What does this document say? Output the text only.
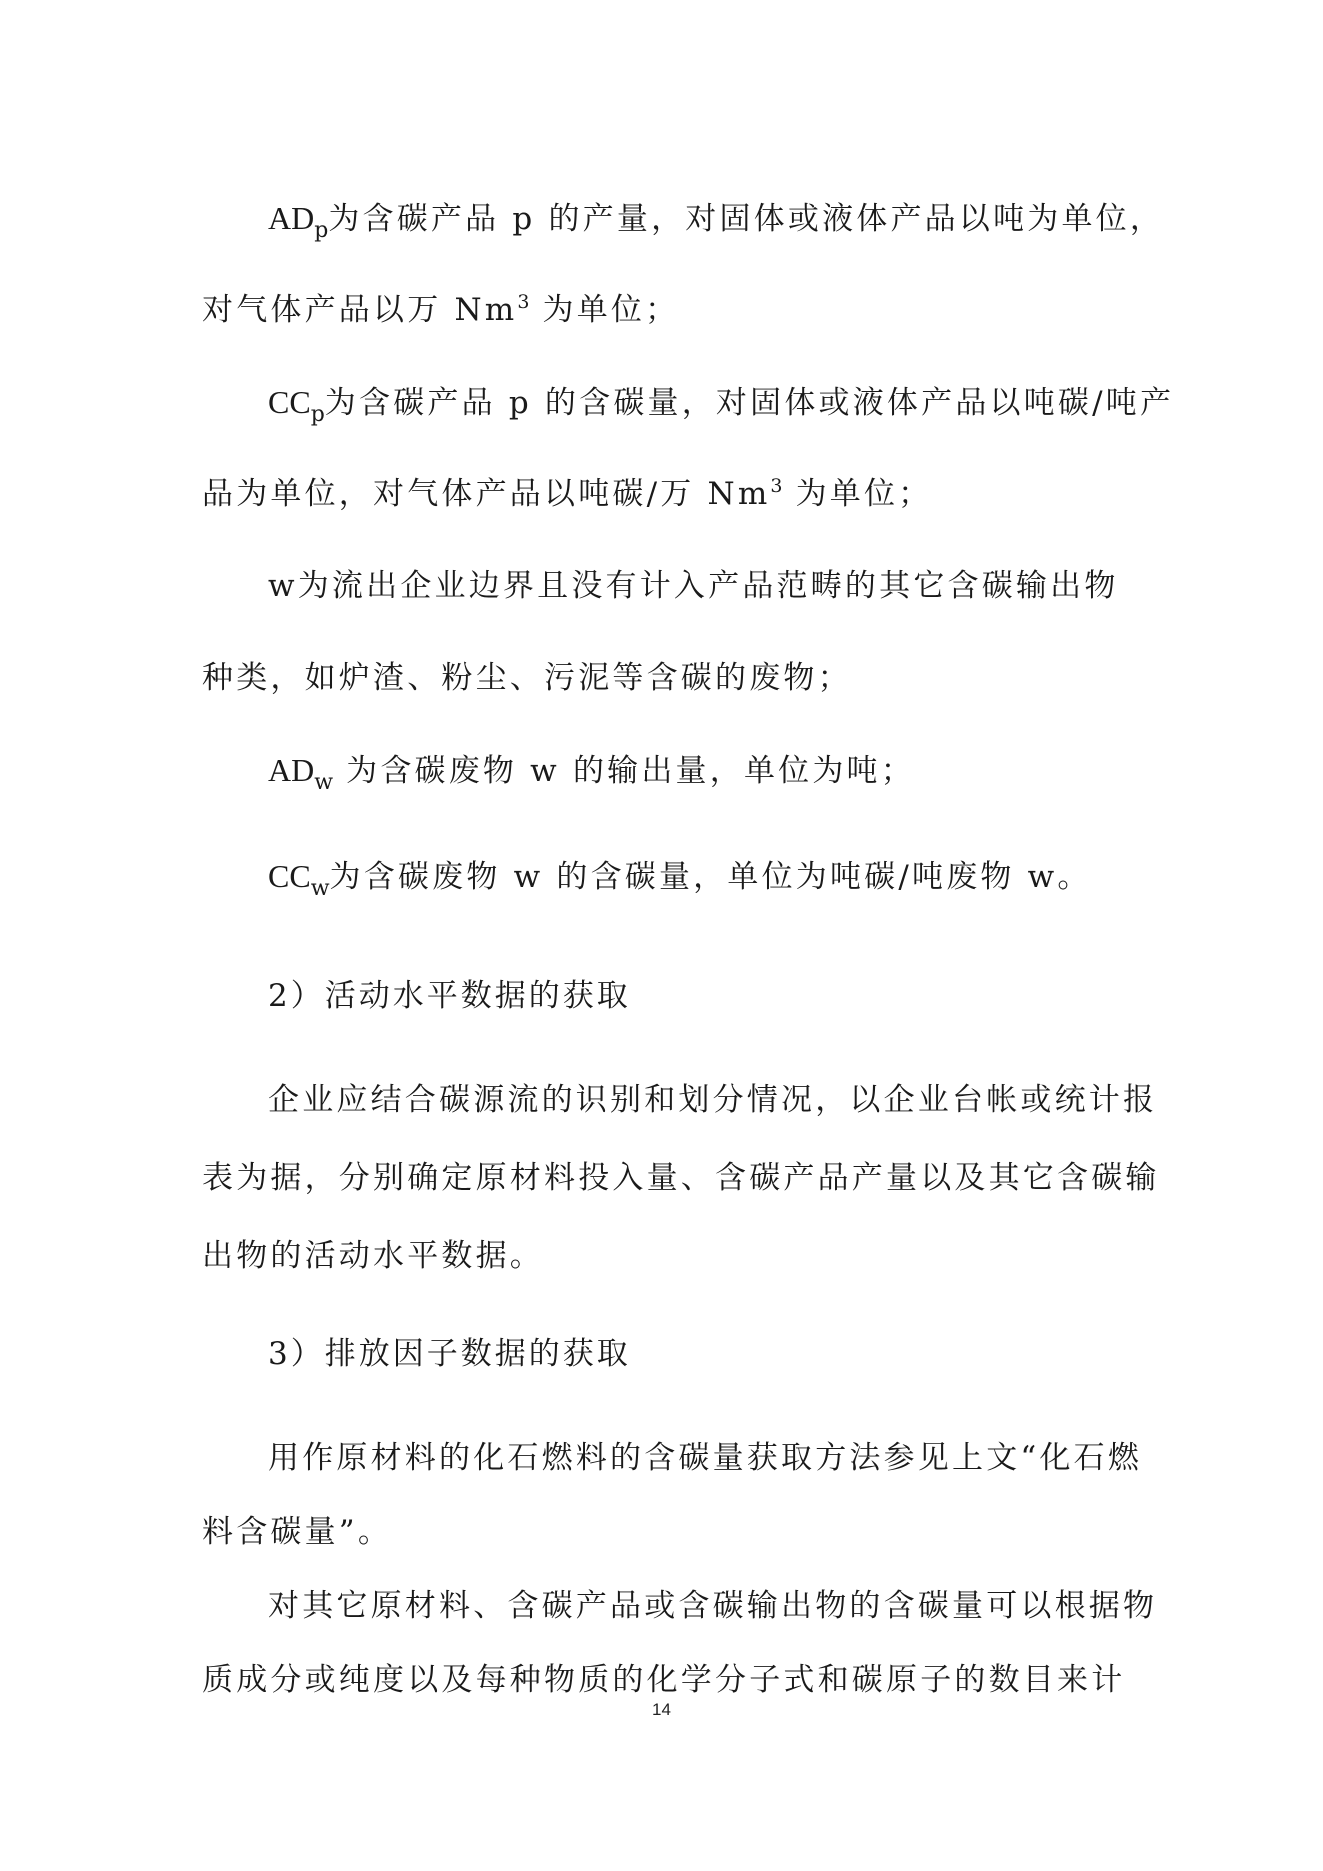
$AD_p$为含碳产品 p 的产量，对固体或液体产品以吨为单位，
对气体产品以万 Nm$^3$ 为单位；
$CC_p$为含碳产品 p 的含碳量，对固体或液体产品以吨碳/吨产
品为单位，对气体产品以吨碳/万 Nm$^3$ 为单位；
w为流出企业边界且没有计入产品范畴的其它含碳输出物
种类，如炉渣、粉尘、污泥等含碳的废物；
$AD_w$ 为含碳废物 w 的输出量，单位为吨；
$CC_w$为含碳废物 w 的含碳量，单位为吨碳/吨废物 w。
2）活动水平数据的获取
企业应结合碳源流的识别和划分情况，以企业台帐或统计报
表为据，分别确定原材料投入量、含碳产品产量以及其它含碳输
出物的活动水平数据。
3）排放因子数据的获取
用作原材料的化石燃料的含碳量获取方法参见上文“化石燃
料含碳量”。
对其它原材料、含碳产品或含碳输出物的含碳量可以根据物
质成分或纯度以及每种物质的化学分子式和碳原子的数目来计
14
